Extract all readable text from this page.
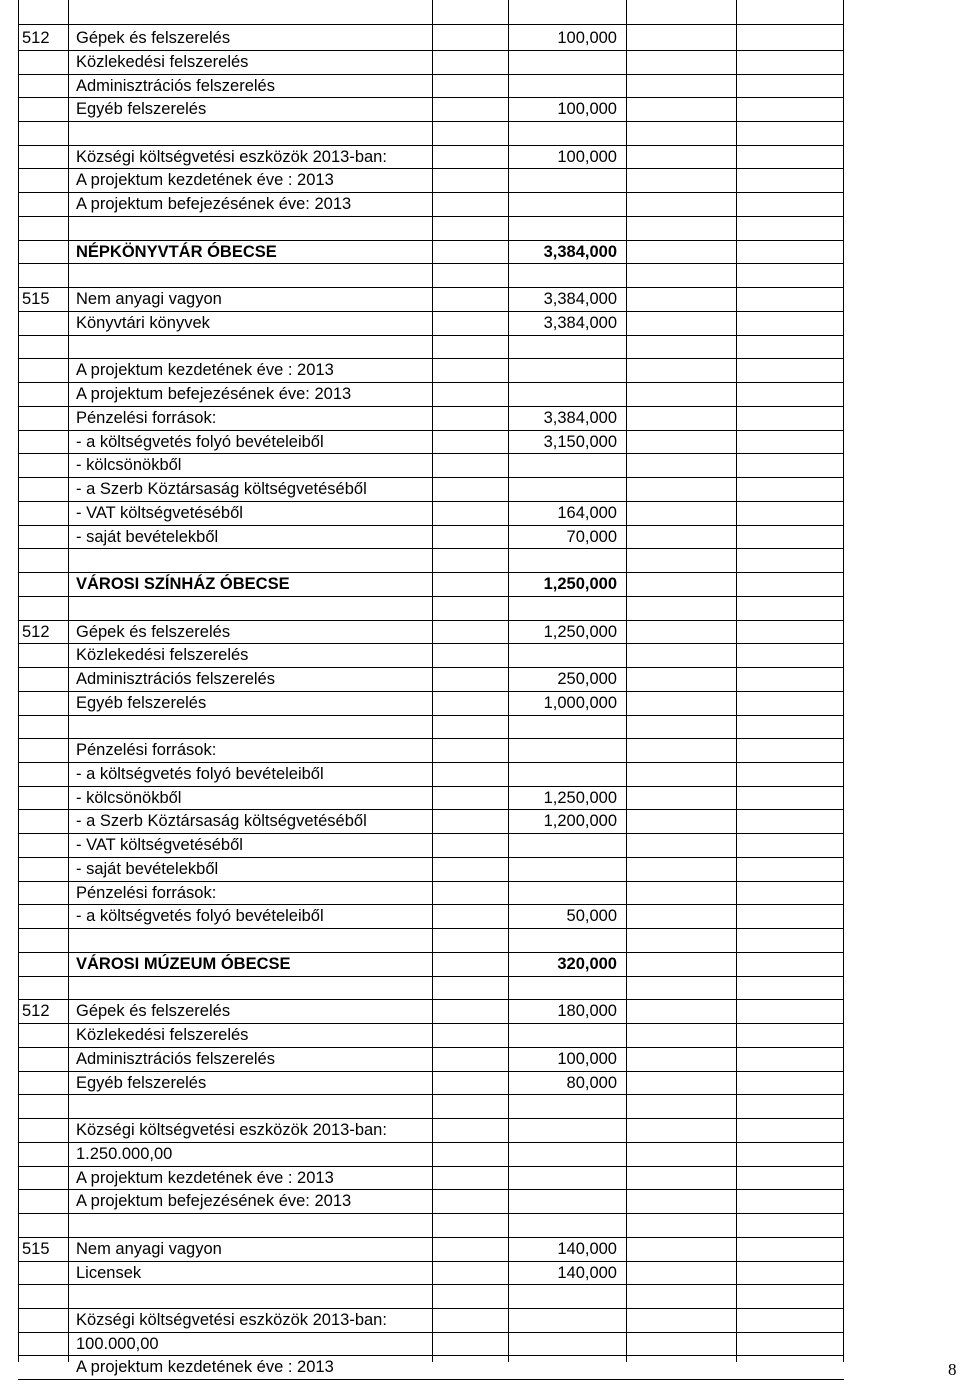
512 Gépek és felszerelés	100,000
Közlekedési felszerelés
Adminisztrációs felszerelés
Egyéb felszerelés	100,000
Községi költségvetési eszközök 2013-ban:	100,000
A projektum kezdetének éve : 2013
A projektum befejezésének éve: 2013
NÉPKÖNYVTÁR ÓBECSE	3,384,000
515 Nem anyagi vagyon	3,384,000
Könyvtári könyvek	3,384,000
A projektum kezdetének éve : 2013
A projektum befejezésének éve: 2013
Pénzelési források:	3,384,000
- a költségvetés folyó bevételeiből	3,150,000
- kölcsönökből
- a Szerb Köztársaság költségvetéséből
- VAT költségvetéséből	164,000
- saját bevételekből	70,000
VÁROSI SZÍNHÁZ ÓBECSE	1,250,000
512 Gépek és felszerelés	1,250,000
Közlekedési felszerelés
Adminisztrációs felszerelés	250,000
Egyéb felszerelés	1,000,000
Pénzelési források:
- a költségvetés folyó bevételeiből
- kölcsönökből	1,250,000
- a Szerb Köztársaság költségvetéséből	1,200,000
- VAT költségvetéséből
- saját bevételekből
Pénzelési források:
- a költségvetés folyó bevételeiből	50,000
VÁROSI MÚZEUM ÓBECSE	320,000
512 Gépek és felszerelés	180,000
Közlekedési felszerelés
Adminisztrációs felszerelés	100,000
Egyéb felszerelés	80,000
Községi költségvetési eszközök 2013-ban:
1.250.000,00
A projektum kezdetének éve : 2013
A projektum befejezésének éve: 2013
515 Nem anyagi vagyon	140,000
Licensek	140,000
Községi költségvetési eszközök 2013-ban:
100.000,00
A projektum kezdetének éve : 2013	8
